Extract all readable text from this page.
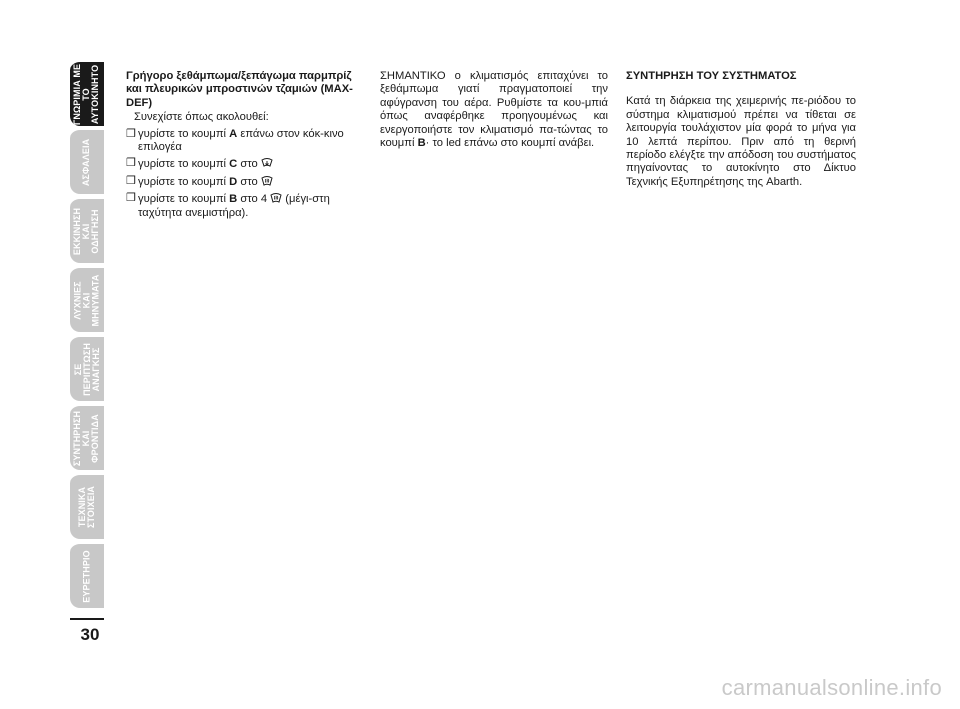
ΓΝΩΡΙΜΙΑ ΜΕ
ΤΟ
ΑΥΤΟΚΙΝΗΤΟ
ΑΣΦΑΛΕΙΑ
ΕΚΚΙΝΗΣΗ
ΚΑΙ
ΟΔΗΓΗΣΗ
ΛΥΧΝΙΕΣ
ΚΑΙ
ΜΗΝΥΜΑΤΑ
ΣΕ
ΠΕΡΙΠΤΩΣΗ
ΑΝΑΓΚΗΣ
ΣΥΝΤΗΡΗΣΗ
ΚΑΙ
ΦΡΟΝΤΙΔΑ
ΤΕΧΝΙΚΑ
ΣΤΟΙΧΕΙΑ
ΕΥΡΕΤΗΡΙΟ
30

Γρήγορο ξεθάμπωμα/ξεπάγωμα παρμπρίζ και πλευρικών μπροστινών τζαμιών (MAX-DEF)

Συνεχίστε όπως ακολουθεί:

❒ γυρίστε το κουμπί A επάνω στον κόκ-κινο επιλογέα
❒ γυρίστε το κουμπί C στο
❒ γυρίστε το κουμπί D στο
❒ γυρίστε το κουμπί B στο 4  (μέγι-στη ταχύτητα ανεμιστήρα).

ΣΗΜΑΝΤΙΚΟ ο κλιματισμός επιταχύνει το ξεθάμπωμα γιατί πραγματοποιεί την αφύγρανση του αέρα. Ρυθμίστε τα κου-μπιά όπως αναφέρθηκε προηγουμένως και ενεργοποιήστε τον κλιματισμό πα-τώντας το κουμπί B· το led επάνω στο κουμπί ανάβει.

ΣΥΝΤΗΡΗΣΗ ΤΟΥ ΣΥΣΤΗΜΑΤΟΣ

Κατά τη διάρκεια της χειμερινής πε-ριόδου το σύστημα κλιματισμού πρέπει να τίθεται σε λειτουργία τουλάχιστον μία φορά το μήνα για 10 λεπτά περίπου. Πριν από τη θερινή περίοδο ελέγξτε την απόδοση του συστήματος πηγαίνοντας το αυτοκίνητο στο Δίκτυο Τεχνικής Εξυπηρέτησης της Abarth.

carmanualsonline.info
